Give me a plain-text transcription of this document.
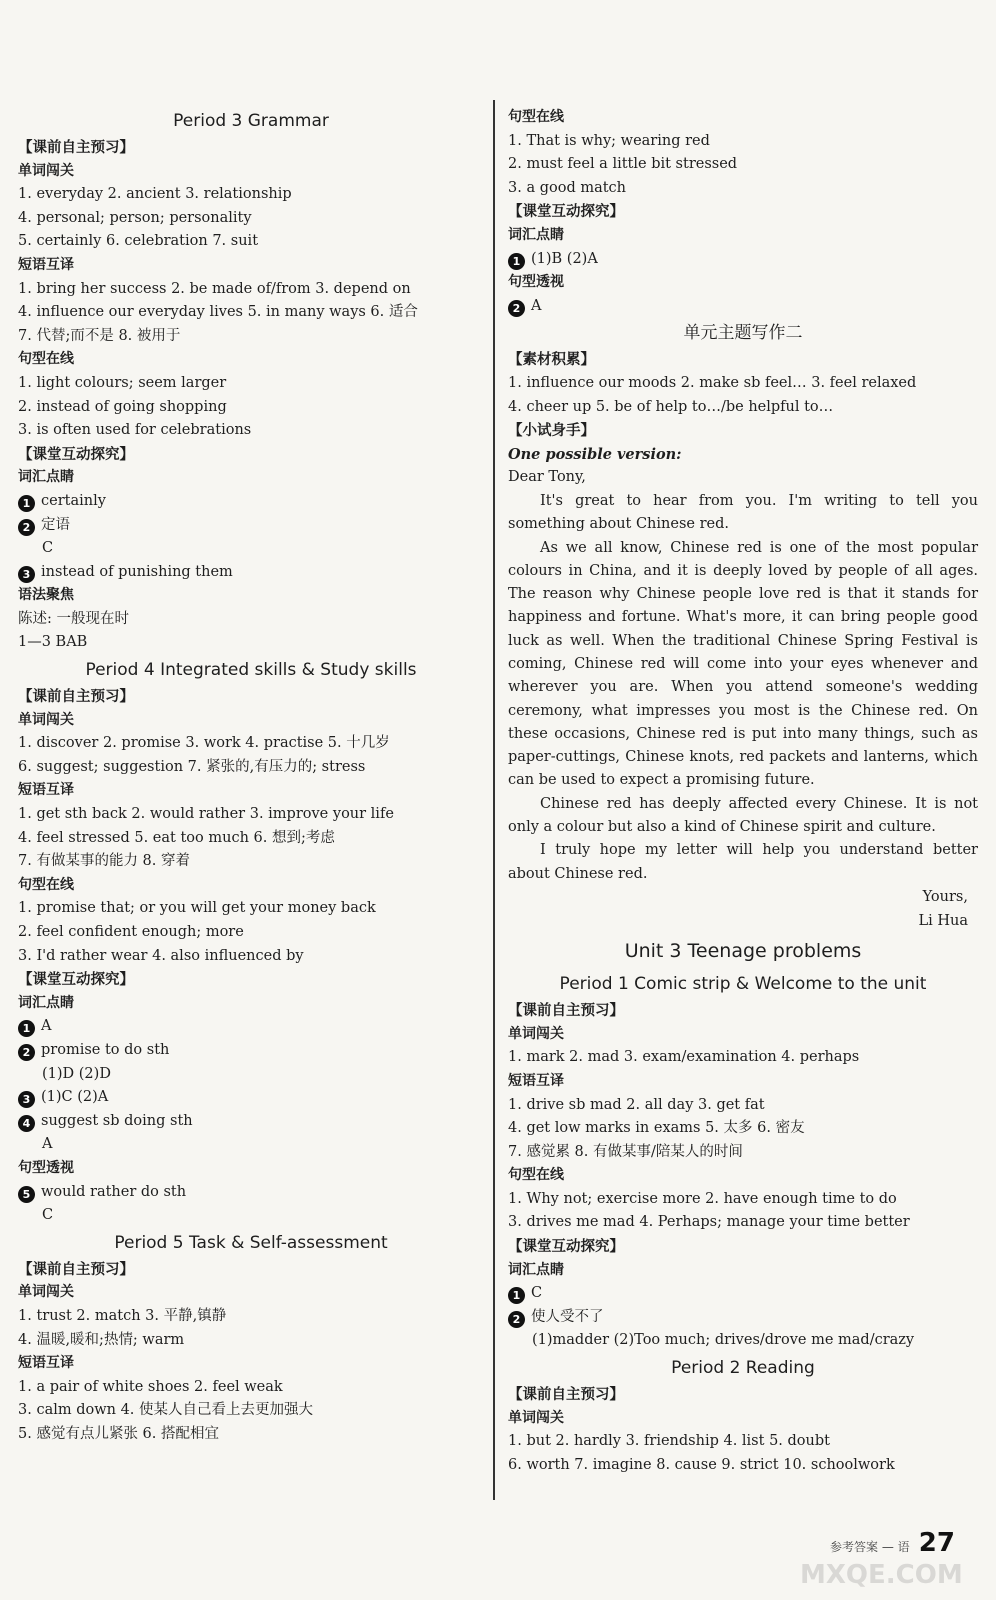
Period 3 Grammar
【课前自主预习】
单词闯关
1. everyday 2. ancient 3. relationship
4. personal; person; personality
5. certainly 6. celebration 7. suit
短语互译
1. bring her success 2. be made of/from 3. depend on
4. influence our everyday lives 5. in many ways 6. 适合
7. 代替;而不是 8. 被用于
句型在线
1. light colours; seem larger
2. instead of going shopping
3. is often used for celebrations
【课堂互动探究】
词汇点睛
1 certainly
2 定语
C
3 instead of punishing them
语法聚焦
陈述: 一般现在时
1—3 BAB
Period 4 Integrated skills & Study skills
【课前自主预习】
单词闯关
1. discover 2. promise 3. work 4. practise 5. 十几岁
6. suggest; suggestion 7. 紧张的,有压力的; stress
短语互译
1. get sth back 2. would rather 3. improve your life
4. feel stressed 5. eat too much 6. 想到;考虑
7. 有做某事的能力 8. 穿着
句型在线
1. promise that; or you will get your money back
2. feel confident enough; more
3. I'd rather wear 4. also influenced by
【课堂互动探究】
词汇点睛
1 A
2 promise to do sth
(1)D (2)D
3 (1)C (2)A
4 suggest sb doing sth
A
句型透视
5 would rather do sth
C
Period 5 Task & Self-assessment
【课前自主预习】
单词闯关
1. trust 2. match 3. 平静,镇静
4. 温暖,暖和;热情; warm
短语互译
1. a pair of white shoes 2. feel weak
3. calm down 4. 使某人自己看上去更加强大
5. 感觉有点儿紧张 6. 搭配相宜
句型在线
1. That is why; wearing red
2. must feel a little bit stressed
3. a good match
【课堂互动探究】
词汇点睛
1 (1)B (2)A
句型透视
2 A
单元主题写作二
【素材积累】
1. influence our moods 2. make sb feel… 3. feel relaxed
4. cheer up 5. be of help to…/be helpful to…
【小试身手】
One possible version:
Dear Tony,

It's great to hear from you. I'm writing to tell you something about Chinese red.

As we all know, Chinese red is one of the most popular colours in China, and it is deeply loved by people of all ages. The reason why Chinese people love red is that it stands for happiness and fortune. What's more, it can bring people good luck as well. When the traditional Chinese Spring Festival is coming, Chinese red will come into your eyes whenever and wherever you are. When you attend someone's wedding ceremony, what impresses you most is the Chinese red. On these occasions, Chinese red is put into many things, such as paper-cuttings, Chinese knots, red packets and lanterns, which can be used to expect a promising future.

Chinese red has deeply affected every Chinese. It is not only a colour but also a kind of Chinese spirit and culture.

I truly hope my letter will help you understand better about Chinese red.

Yours,
Li Hua
Unit 3 Teenage problems
Period 1 Comic strip & Welcome to the unit
【课前自主预习】
单词闯关
1. mark 2. mad 3. exam/examination 4. perhaps
短语互译
1. drive sb mad 2. all day 3. get fat
4. get low marks in exams 5. 太多 6. 密友
7. 感觉累 8. 有做某事/陪某人的时间
句型在线
1. Why not; exercise more 2. have enough time to do
3. drives me mad 4. Perhaps; manage your time better
【课堂互动探究】
词汇点睛
1 C
2 使人受不了
(1)madder (2)Too much; drives/drove me mad/crazy
Period 2 Reading
【课前自主预习】
单词闯关
1. but 2. hardly 3. friendship 4. list 5. doubt
6. worth 7. imagine 8. cause 9. strict 10. schoolwork
参考答案 — 语 27
MXQE.COM
